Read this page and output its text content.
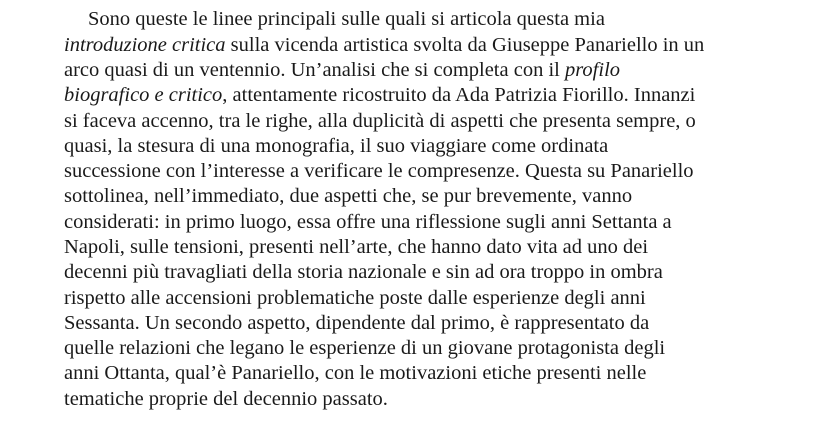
Sono queste le linee principali sulle quali si articola questa mia
introduzione critica sulla vicenda artistica svolta da Giuseppe Panariello in un
arco quasi di un ventennio. Un’analisi che si completa con il profilo
biografico e critico, attentamente ricostruito da Ada Patrizia Fiorillo. Innanzi
si faceva accenno, tra le righe, alla duplicità di aspetti che presenta sempre, o
quasi, la stesura di una monografia, il suo viaggiare come ordinata
successione con l’interesse a verificare le compresenze. Questa su Panariello
sottolinea, nell’immediato, due aspetti che, se pur brevemente, vanno
considerati: in primo luogo, essa offre una riflessione sugli anni Settanta a
Napoli, sulle tensioni, presenti nell’arte, che hanno dato vita ad uno dei
decenni più travagliati della storia nazionale e sin ad ora troppo in ombra
rispetto alle accensioni problematiche poste dalle esperienze degli anni
Sessanta. Un secondo aspetto, dipendente dal primo, è rappresentato da
quelle relazioni che legano le esperienze di un giovane protagonista degli
anni Ottanta, qual’è Panariello, con le motivazioni etiche presenti nelle
tematiche proprie del decennio passato.
